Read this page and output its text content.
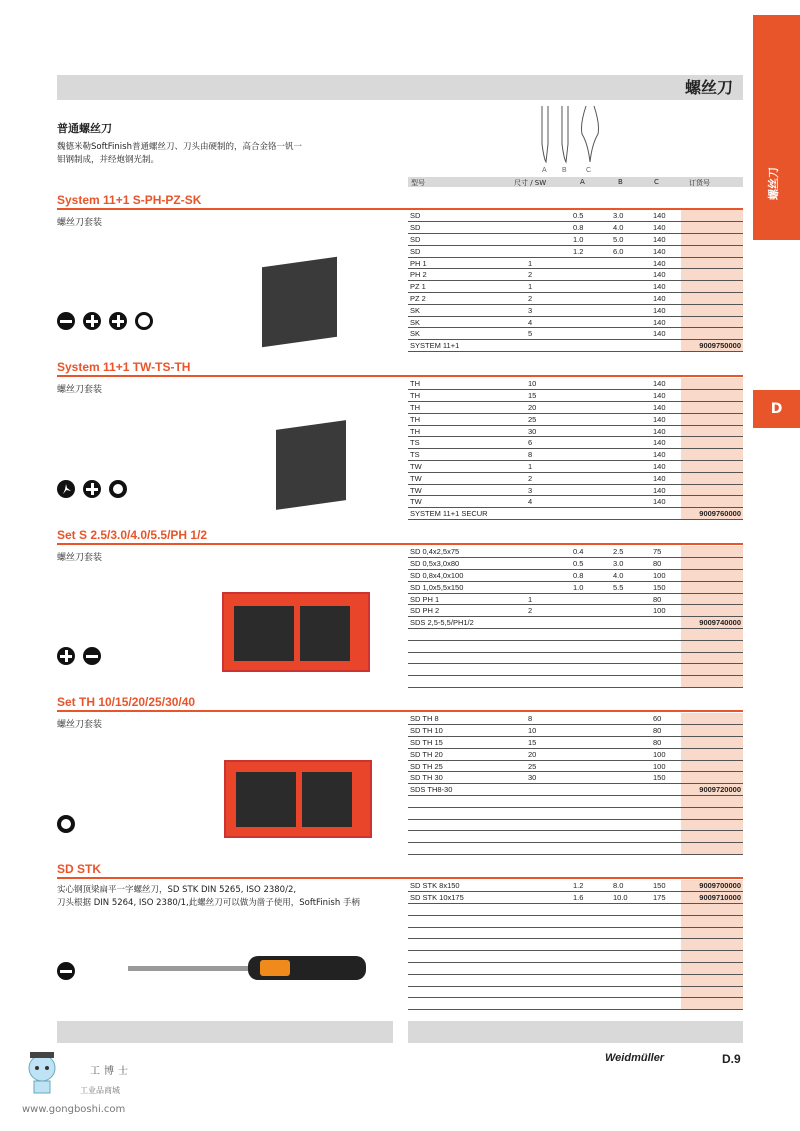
螺丝刀
螺丝刀
D
普通螺丝刀
魏德米勒SoftFinish普通螺丝刀、刀头由硬制的，高合金铬一钒一
钼钢制成，并经炮钢光制。
A B	C
型号	尺寸 / SW	A	B	C	订货号
System 11+1 S-PH-PZ-SK
螺丝刀套装
SD		0.5	3.0	140	
SD		0.8	4.0	140	
SD		1.0	5.0	140	
SD		1.2	6.0	140	
PH 1	1			140	
PH 2	2			140	
PZ 1	1			140	
PZ 2	2			140	
SK	3			140	
SK	4			140	
SK	5			140	
SYSTEM 11+1					9009750000
System 11+1 TW-TS-TH
螺丝刀套装
TH	10			140	
TH	15			140	
TH	20			140	
TH	25			140	
TH	30			140	
TS	6			140	
TS	8			140	
TW	1			140	
TW	2			140	
TW	3			140	
TW	4			140	
SYSTEM 11+1 SECUR					9009760000
Set S 2.5/3.0/4.0/5.5/PH 1/2
螺丝刀套装
SD 0,4x2,5x75		0.4	2.5	75	
SD 0,5x3,0x80		0.5	3.0	80	
SD 0,8x4,0x100		0.8	4.0	100	
SD 1,0x5,5x150		1.0	5.5	150	
SD PH 1	1			80	
SD PH 2	2			100	
SDS 2,5-5,5/PH1/2					9009740000

Set TH 10/15/20/25/30/40
螺丝刀套装
SD TH 8	8			60	
SD TH 10	10			80	
SD TH 15	15			80	
SD TH 20	20			100	
SD TH 25	25			100	
SD TH 30	30			150	
SDS TH8-30					9009720000

SD STK
实心钢顶梁扁平一字螺丝刀，SD STK DIN 5265, ISO 2380/2,
刀头根据 DIN 5264, ISO 2380/1,此螺丝刀可以做为凿子使用，SoftFinish 手柄
SD STK 8x150		1.2	8.0	150	9009700000
SD STK 10x175		1.6	10.0	175	9009710000

Weidmüller	D.9
工博士
工业品商城
www.gongboshi.com
